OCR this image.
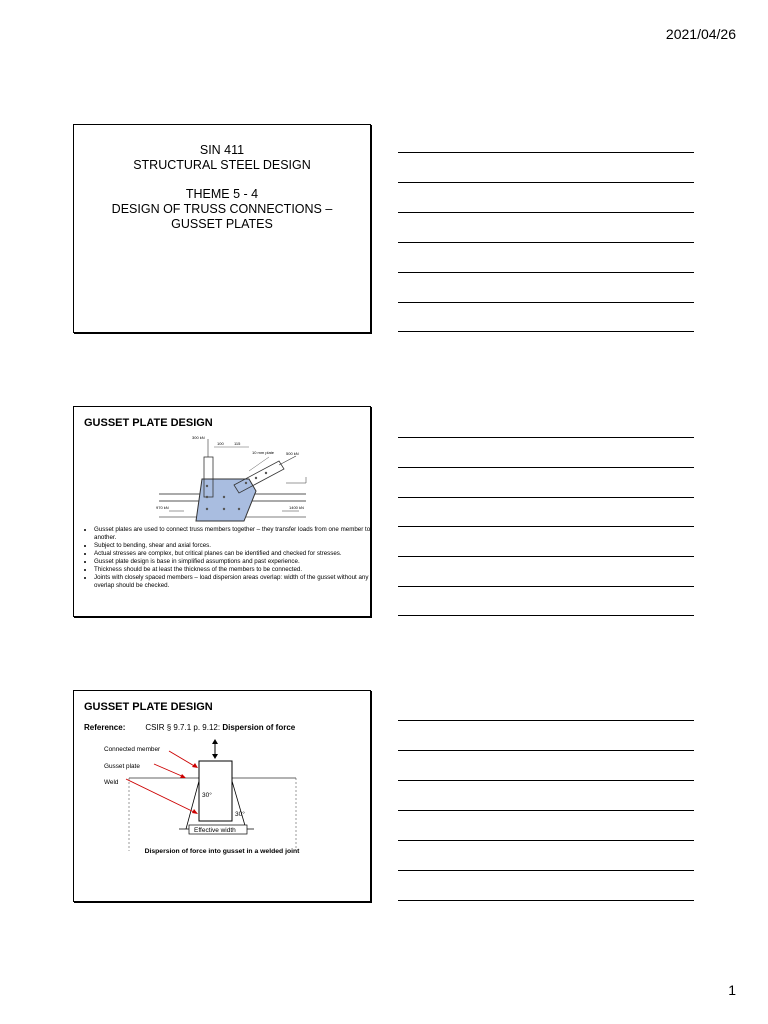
2021/04/26
SIN 411
STRUCTURAL STEEL DESIGN
THEME 5 - 4
DESIGN OF TRUSS CONNECTIONS –
GUSSET PLATES
GUSSET PLATE DESIGN
300 kN
10 mm plate	500 kN
970 kN	1400 kN
100	115
• Gusset plates are used to connect truss members together – they transfer loads from one member to another.
• Subject to bending, shear and axial forces.
• Actual stresses are complex, but critical planes can be identified and checked for stresses.
• Gusset plate design is base in simplified assumptions and past experience.
• Thickness should be at least the thickness of the members to be connected.
• Joints with closely spaced members – load dispersion areas overlap: width of the gusset without any overlap should be checked.
GUSSET PLATE DESIGN
Reference:	CSIR § 9.7.1 p. 9.12: Dispersion of force
Effective width
30°
30°
Connected member
Gusset plate
Weld
Dispersion of force into gusset in a welded joint
1
